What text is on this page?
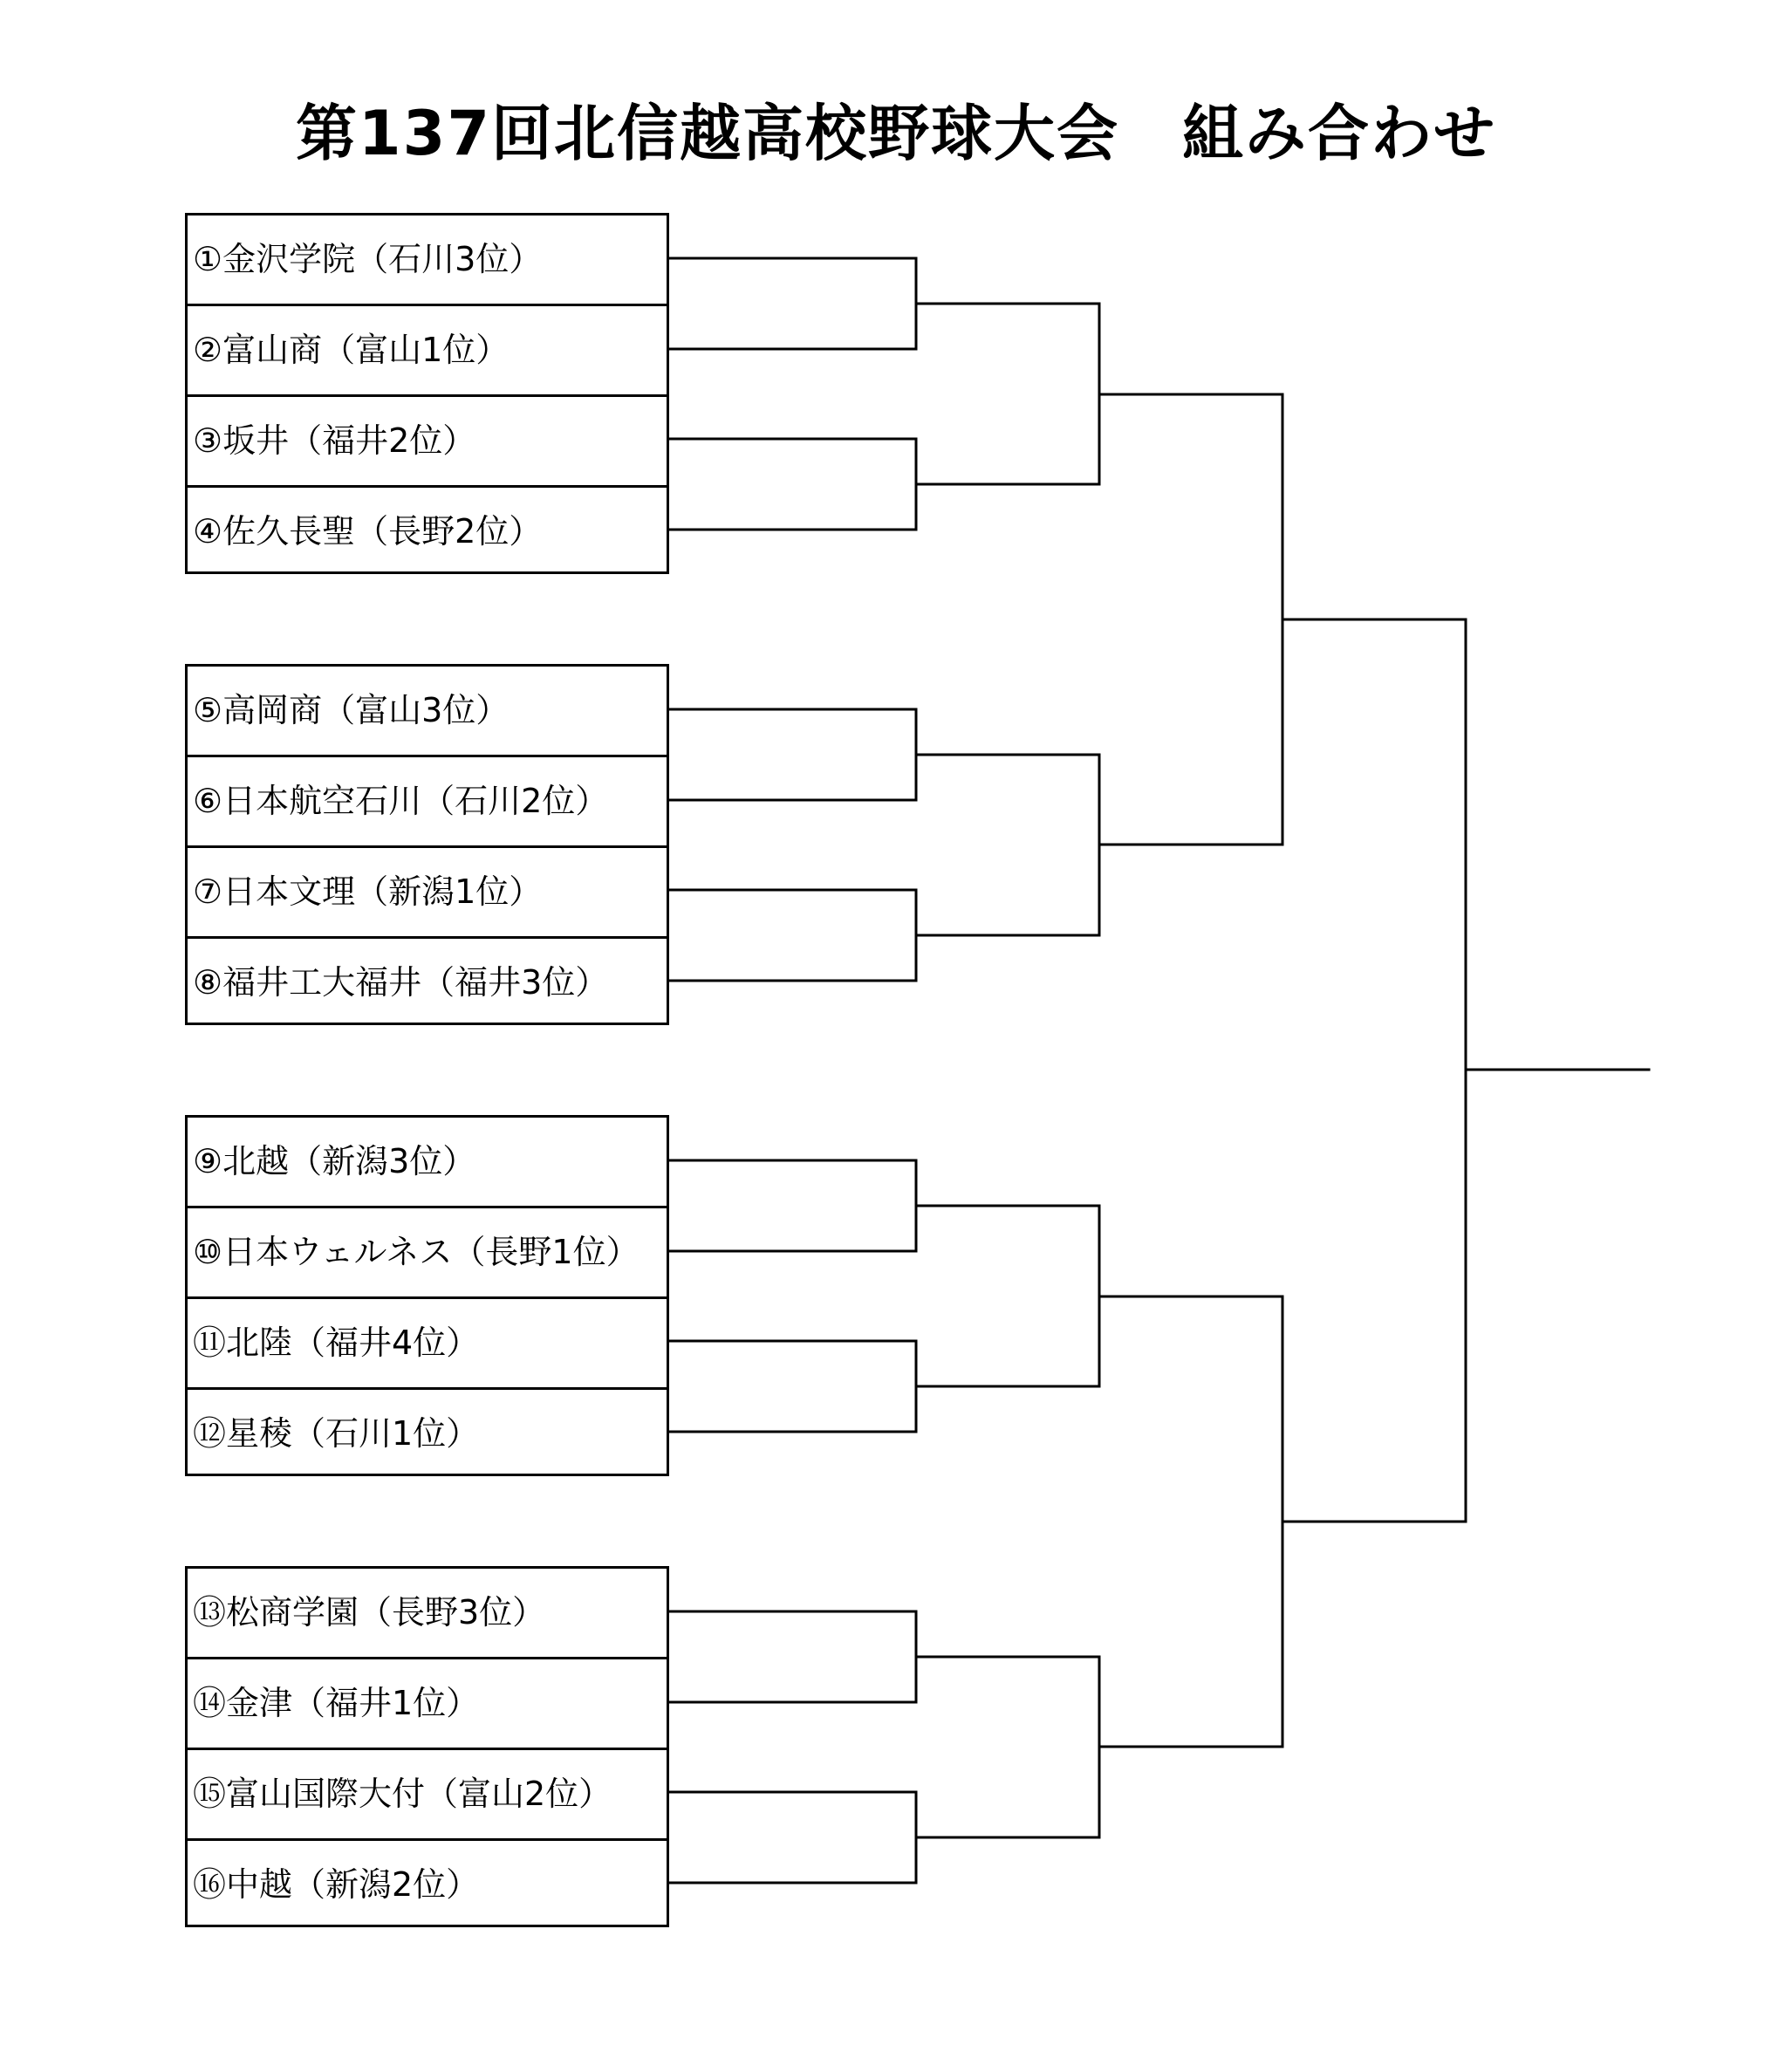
第137回北信越高校野球大会　組み合わせ
①金沢学院（石川3位）
②富山商（富山1位）
③坂井（福井2位）
④佐久長聖（長野2位）
⑤高岡商（富山3位）
⑥日本航空石川（石川2位）
⑦日本文理（新潟1位）
⑧福井工大福井（福井3位）
⑨北越（新潟3位）
⑩日本ウェルネス（長野1位）
⑪北陸（福井4位）
⑫星稜（石川1位）
⑬松商学園（長野3位）
⑭金津（福井1位）
⑮富山国際大付（富山2位）
⑯中越（新潟2位）
